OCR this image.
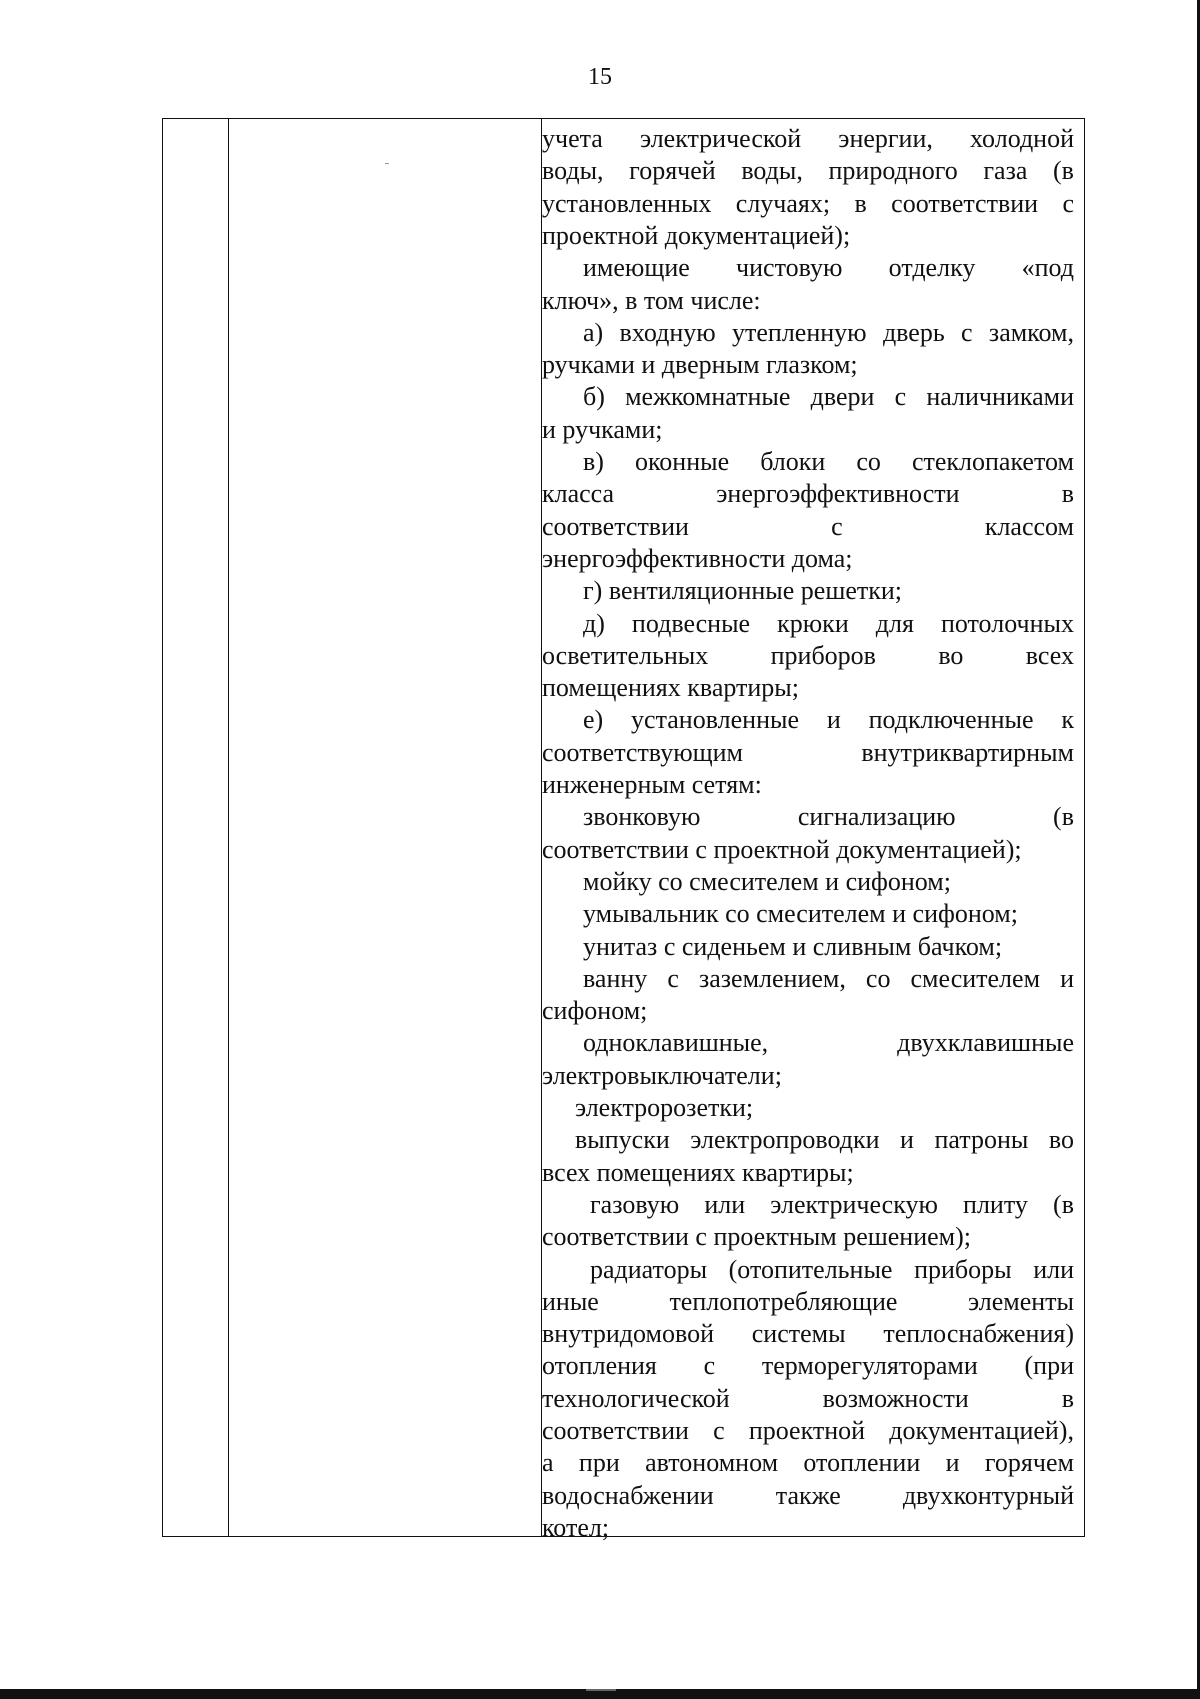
15
учета электрической энергии, холодной
воды, горячей воды, природного газа (в
установленных случаях; в соответствии с
проектной документацией);
имеющие чистовую отделку «под
ключ», в том числе:
а) входную утепленную дверь с замком,
ручками и дверным глазком;
б) межкомнатные двери с наличниками
и ручками;
в) оконные блоки со стеклопакетом
класса	энергоэффективности	в
соответствии	с	классом
энергоэффективности дома;
г) вентиляционные решетки;
д) подвесные крюки для потолочных
осветительных приборов во всех
помещениях квартиры;
е) установленные и подключенные к
соответствующим	внутриквартирным
инженерным сетям:
звонковую	сигнализацию	(в
соответствии с проектной документацией);
мойку со смесителем и сифоном;
умывальник со смесителем и сифоном;
унитаз с сиденьем и сливным бачком;
ванну с заземлением, со смесителем и
сифоном;
одноклавишные,	двухклавишные
электровыключатели;
электророзетки;
выпуски электропроводки и патроны во
всех помещениях квартиры;
газовую или электрическую плиту (в
соответствии с проектным решением);
радиаторы (отопительные приборы или
иные	теплопотребляющие	элементы
внутридомовой системы теплоснабжения)
отопления с терморегуляторами (при
технологической	возможности	в
соответствии с проектной документацией),
а при автономном отоплении и горячем
водоснабжении также двухконтурный
котел;
